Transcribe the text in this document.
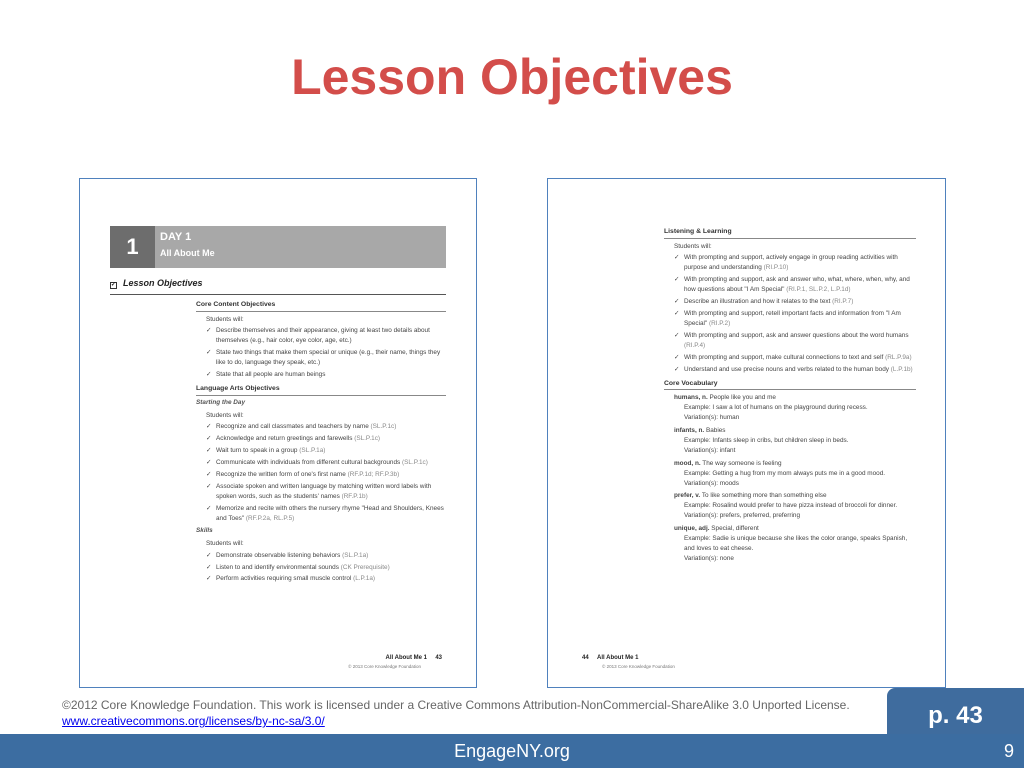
Lesson Objectives
1	DAY 1
All About Me
✓ Lesson Objectives
Core Content Objectives
Students will:
✓ Describe themselves and their appearance, giving at least two details about themselves (e.g., hair color, eye color, age, etc.)
✓ State two things that make them special or unique (e.g., their name, things they like to do, language they speak, etc.)
✓ State that all people are human beings
Language Arts Objectives
Starting the Day
Students will:
✓ Recognize and call classmates and teachers by name (SL.P.1c)
✓ Acknowledge and return greetings and farewells (SL.P.1c)
✓ Wait turn to speak in a group (SL.P.1a)
✓ Communicate with individuals from different cultural backgrounds (SL.P.1c)
✓ Recognize the written form of one's first name (RF.P.1d; RF.P.3b)
✓ Associate spoken and written language by matching written word labels with spoken words, such as the students' names (RF.P.1b)
✓ Memorize and recite with others the nursery rhyme "Head and Shoulders, Knees and Toes" (RF.P.2a, RL.P.5)
Skills
Students will:
✓ Demonstrate observable listening behaviors (SL.P.1a)
✓ Listen to and identify environmental sounds (CK Prerequisite)
✓ Perform activities requiring small muscle control (L.P.1a)
All About Me 1 43
© 2013 Core Knowledge Foundation
Listening & Learning
Students will:
✓ With prompting and support, actively engage in group reading activities with purpose and understanding (RI.P.10)
✓ With prompting and support, ask and answer who, what, where, when, why, and how questions about "I Am Special" (RI.P.1, SL.P.2, L.P.1d)
✓ Describe an illustration and how it relates to the text (RI.P.7)
✓ With prompting and support, retell important facts and information from "I Am Special" (RI.P.2)
✓ With prompting and support, ask and answer questions about the word humans (RI.P.4)
✓ With prompting and support, make cultural connections to text and self (RL.P.9a)
✓ Understand and use precise nouns and verbs related to the human body (L.P.1b)
Core Vocabulary
humans, n. People like you and me
Example: I saw a lot of humans on the playground during recess.
Variation(s): human
infants, n. Babies
Example: Infants sleep in cribs, but children sleep in beds.
Variation(s): infant
mood, n. The way someone is feeling
Example: Getting a hug from my mom always puts me in a good mood.
Variation(s): moods
prefer, v. To like something more than something else
Example: Rosalind would prefer to have pizza instead of broccoli for dinner.
Variation(s): prefers, preferred, preferring
unique, adj. Special, different
Example: Sadie is unique because she likes the color orange, speaks Spanish, and loves to eat cheese.
Variation(s): none
44 All About Me 1
© 2013 Core Knowledge Foundation
©2012 Core Knowledge Foundation. This work is licensed under a Creative Commons Attribution-NonCommercial-ShareAlike 3.0 Unported License. www.creativecommons.org/licenses/by-nc-sa/3.0/	p. 43
EngageNY.org	9
